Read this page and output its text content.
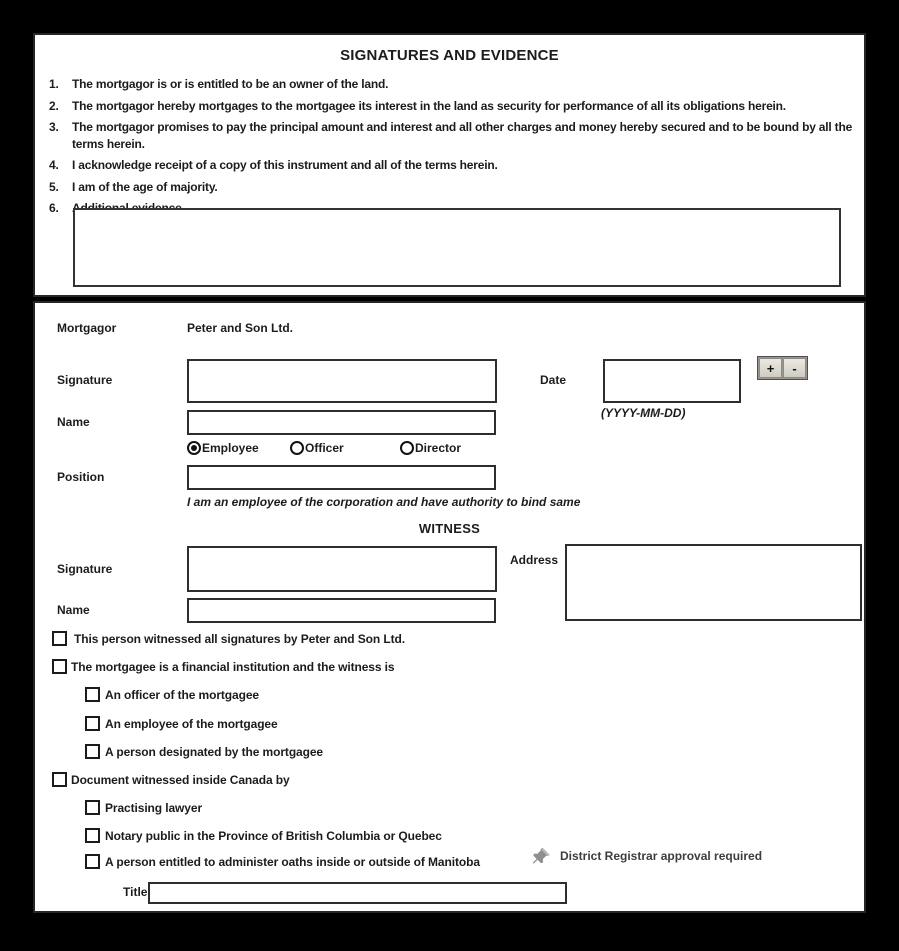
SIGNATURES AND EVIDENCE
1.	The mortgagor is or is entitled to be an owner of the land.
2.	The mortgagor hereby mortgages to the mortgagee its interest in the land as security for performance of all its obligations herein.
3.	The mortgagor promises to pay the principal amount and interest and all other charges and money hereby secured and to be bound by all the terms herein.
4.	I acknowledge receipt of a copy of this instrument and all of the terms herein.
5.	I am of the age of majority.
6.
Mortgagor	Peter and Son Ltd.
Signature	Date
+	-
(YYYY-MM-DD)
Name
Employee	Officer	Director
Position
I am an employee of the corporation and have authority to bind same
WITNESS
Signature
Address
Name
This person witnessed all signatures by Peter and Son Ltd.
The mortgagee is a financial institution and the witness is
An officer of the mortgagee
An employee of the mortgagee
A person designated by the mortgagee
Document witnessed inside Canada by
Practising lawyer
Notary public in the Province of British Columbia or Quebec
A person entitled to administer oaths inside or outside of Manitoba	District Registrar approval required
Title
